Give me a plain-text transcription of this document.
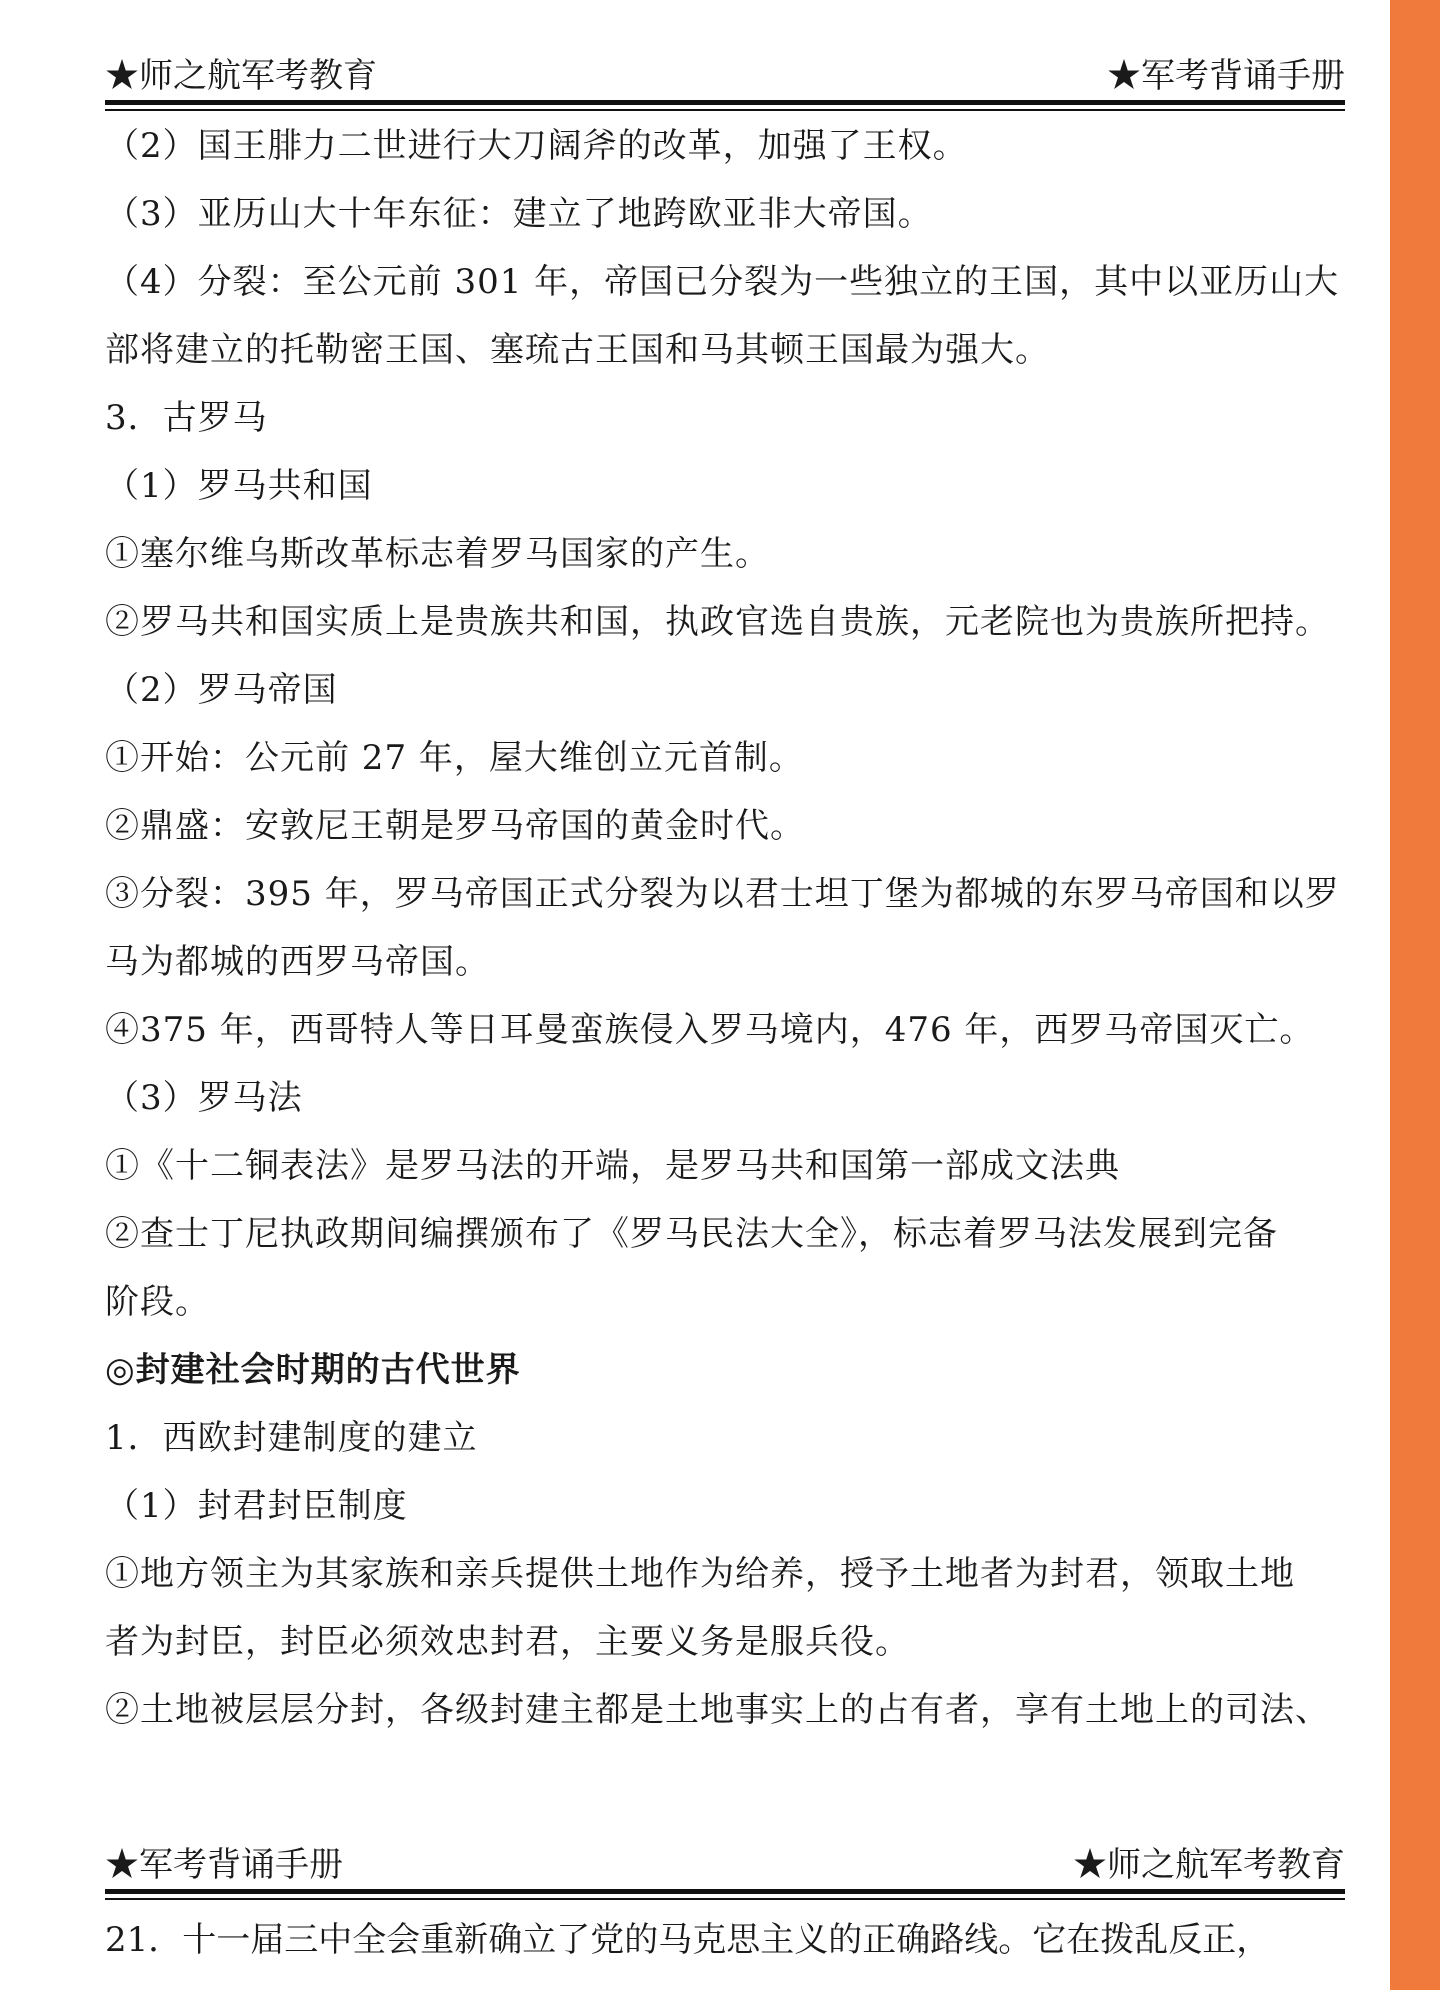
★师之航军考教育	★军考背诵手册
（2）国王腓力二世进行大刀阔斧的改革，加强了王权。
（3）亚历山大十年东征：建立了地跨欧亚非大帝国。
（4）分裂：至公元前 301 年，帝国已分裂为一些独立的王国，其中以亚历山大
部将建立的托勒密王国、塞琉古王国和马其顿王国最为强大。
3．古罗马
（1）罗马共和国
①塞尔维乌斯改革标志着罗马国家的产生。
②罗马共和国实质上是贵族共和国，执政官选自贵族，元老院也为贵族所把持。
（2）罗马帝国
①开始：公元前 27 年，屋大维创立元首制。
②鼎盛：安敦尼王朝是罗马帝国的黄金时代。
③分裂：395 年，罗马帝国正式分裂为以君士坦丁堡为都城的东罗马帝国和以罗
马为都城的西罗马帝国。
④375 年，西哥特人等日耳曼蛮族侵入罗马境内，476 年，西罗马帝国灭亡。
（3）罗马法
①《十二铜表法》是罗马法的开端，是罗马共和国第一部成文法典
②查士丁尼执政期间编撰颁布了《罗马民法大全》，标志着罗马法发展到完备
阶段。
◎封建社会时期的古代世界
1．西欧封建制度的建立
（1）封君封臣制度
①地方领主为其家族和亲兵提供土地作为给养，授予土地者为封君，领取土地
者为封臣，封臣必须效忠封君，主要义务是服兵役。
②土地被层层分封，各级封建主都是土地事实上的占有者，享有土地上的司法、
★军考背诵手册	★师之航军考教育
21．十一届三中全会重新确立了党的马克思主义的正确路线。它在拨乱反正，
